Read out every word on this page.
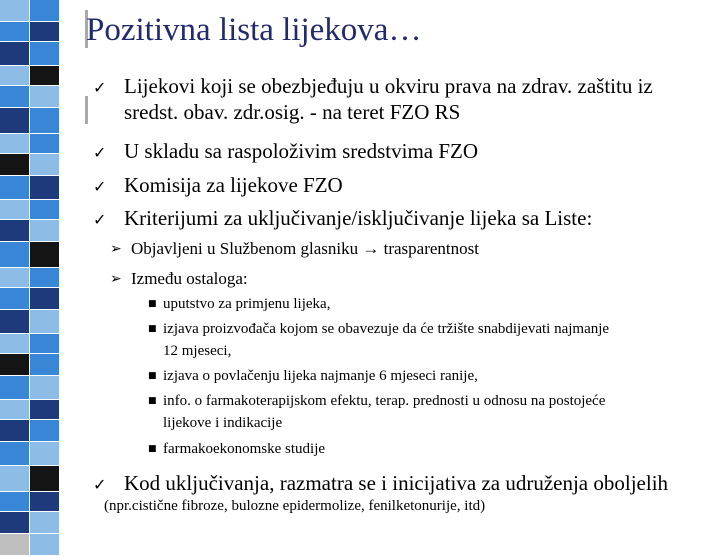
Pozitivna lista lijekova…
✓ Lijekovi koji se obezbjeđuju u okviru prava na zdrav. zaštitu iz
sredst. obav. zdr.osig. - na teret FZO RS
✓ U skladu sa raspoloživim sredstvima FZO
✓ Komisija za lijekove FZO
✓ Kriterijumi za uključivanje/isključivanje lijeka sa Liste:
➢ Objavljeni u Službenom glasniku → trasparentnost
➢ Između ostaloga:
■ uputstvo za primjenu lijeka,
■ izjava proizvođača kojom se obavezuje da će tržište snabdijevati najmanje
12 mjeseci,
■ izjava o povlačenju lijeka najmanje 6 mjeseci ranije,
■ info. o farmakoterapijskom efektu, terap. prednosti u odnosu na postojeće
lijekove i indikacije
■ farmakoekonomske studije
✓ Kod uključivanja, razmatra se i inicijativa za udruženja oboljelih
(npr.cistične fibroze, bulozne epidermolize, fenilketonurije, itd)
